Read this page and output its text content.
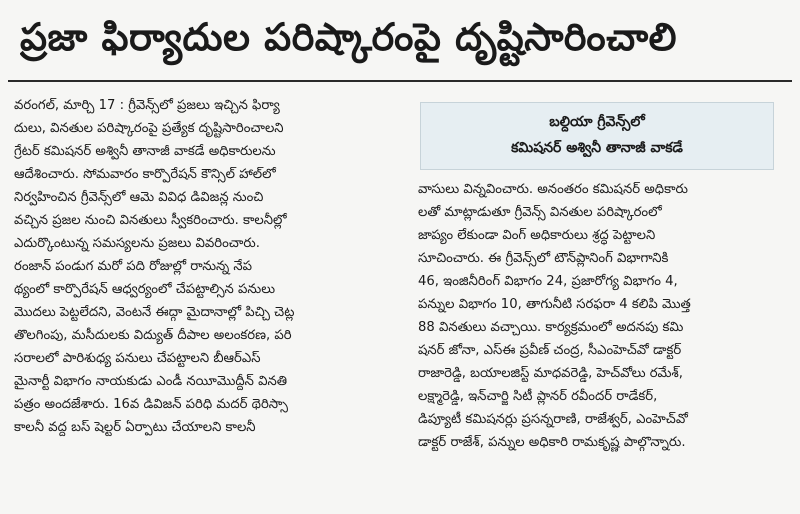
ప్రజా ఫిర్యాదుల పరిష్కారంపై దృష్టిసారించాలి
వరంగల్, మార్చి 17 : గ్రీవెన్స్‌లో ప్రజలు ఇచ్చిన ఫిర్యా
దులు, వినతుల పరిష్కారంపై ప్రత్యేక దృష్టిసారించాలని
గ్రేటర్ కమిషనర్ అశ్వినీ తానాజీ వాకడే అధికారులను
ఆదేశించారు. సోమవారం కార్పొరేషన్ కౌన్సిల్ హాల్‌లో
నిర్వహించిన గ్రీవెన్స్‌లో ఆమె వివిధ డివిజన్ల నుంచి
వచ్చిన ప్రజల నుంచి వినతులు స్వీకరించారు. కాలనీల్లో
ఎదుర్కొంటున్న సమస్యలను ప్రజలు వివరించారు.
రంజాన్ పండుగ మరో పది రోజుల్లో రానున్న నేప
థ్యంలో కార్పొరేషన్ ఆధ్వర్యంలో చేపట్టాల్సిన పనులు
మొదలు పెట్టలేదని, వెంటనే ఈద్గా మైదానాల్లో పిచ్చి చెట్ల
తొలగింపు, మసీదులకు విద్యుత్ దీపాల అలంకరణ, పరి
సరాలలో పారిశుధ్య పనులు చేపట్టాలని బీఆర్‌ఎస్
మైనార్టీ విభాగం నాయకుడు ఎండీ నయీమొద్దీన్ వినతి
పత్రం అందజేశారు. 16వ డివిజన్ పరిధి మదర్ థెరిస్సా
కాలనీ వద్ద బస్ షెల్టర్ ఏర్పాటు చేయాలని కాలనీ
బల్దియా గ్రీవెన్స్‌లో
కమిషనర్ అశ్వినీ తానాజీ వాకడే
వాసులు విన్నవించారు. అనంతరం కమిషనర్ అధికారు
లతో మాట్లాడుతూ గ్రీవెన్స్ వినతుల పరిష్కారంలో
జాప్యం లేకుండా వింగ్ అధికారులు శ్రద్ధ పెట్టాలని
సూచించారు. ఈ గ్రీవెన్స్‌లో టౌన్‌ప్లానింగ్ విభాగానికి
46, ఇంజినీరింగ్ విభాగం 24, ప్రజారోగ్య విభాగం 4,
పన్నుల విభాగం 10, తాగునీటి సరఫరా 4 కలిపి మొత్త
88 వినతులు వచ్చాయి. కార్యక్రమంలో అదనపు కమి
షనర్ జోనా, ఎస్‌ఈ ప్రవీణ్ చంద్ర, సీఎంహెచ్‌వో డాక్టర్
రాజారెడ్డి, బయాలజిస్ట్ మాధవరెడ్డి, హెచ్‌వోలు రమేశ్,
లక్ష్మారెడ్డి, ఇన్‌చార్జి సిటీ ప్లానర్ రవీందర్ రాడేకర్,
డిప్యూటీ కమిషనర్లు ప్రసన్నరాణి, రాజేశ్వర్, ఎంహెచ్‌వో
డాక్టర్ రాజేశ్, పన్నుల అధికారి రామకృష్ణ పాల్గొన్నారు.
